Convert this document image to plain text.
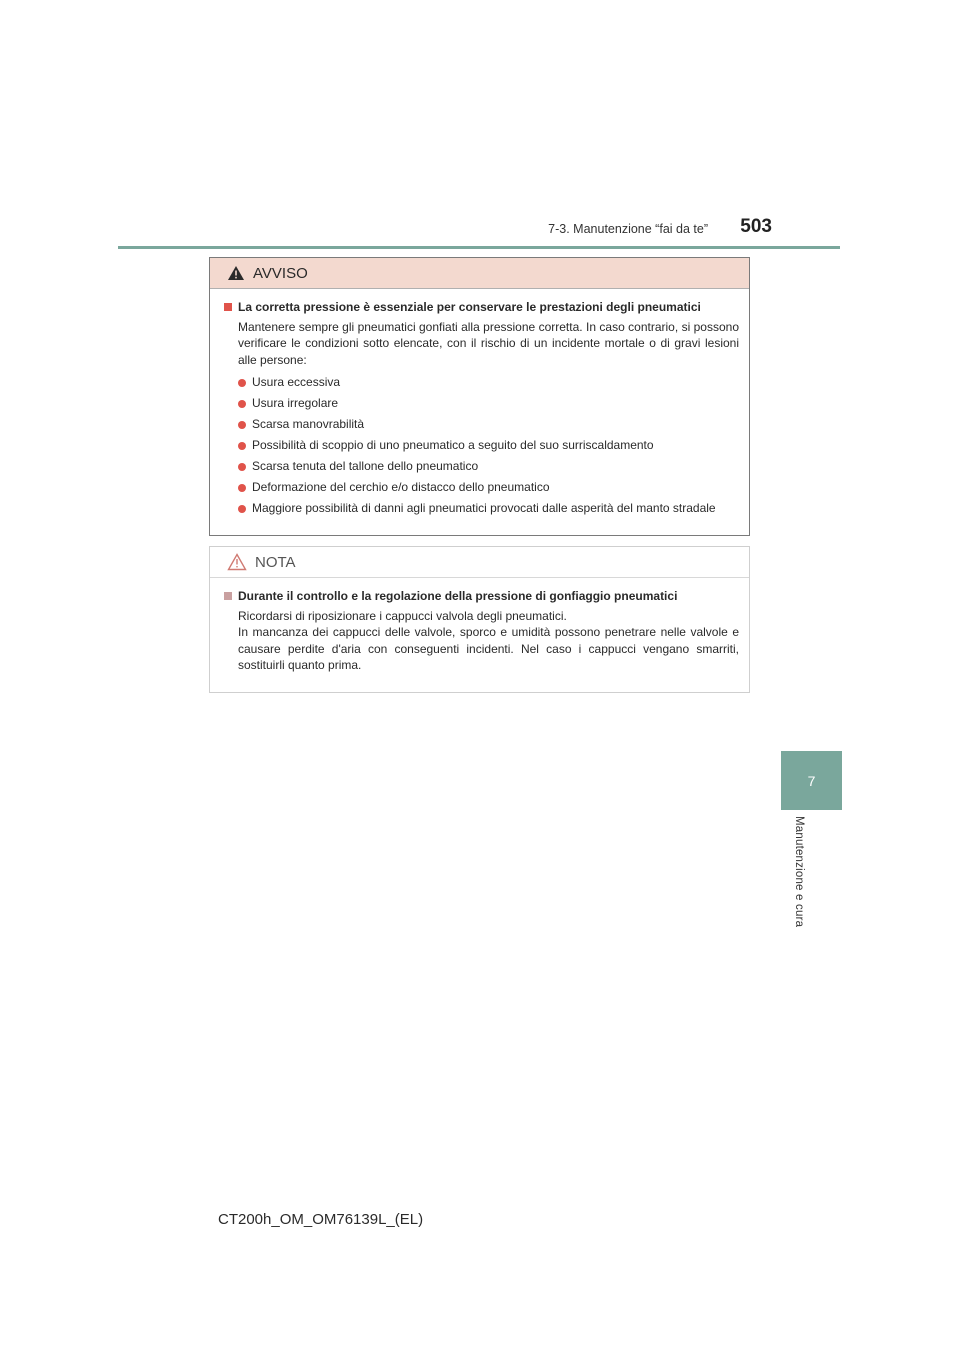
7-3. Manutenzione “fai da te” 503
7
Manutenzione e cura
AVVISO
La corretta pressione è essenziale per conservare le prestazioni degli pneumatici
Mantenere sempre gli pneumatici gonfiati alla pressione corretta. In caso contrario, si possono verificare le condizioni sotto elencate, con il rischio di un incidente mortale o di gravi lesioni alle persone:
Usura eccessiva
Usura irregolare
Scarsa manovrabilità
Possibilità di scoppio di uno pneumatico a seguito del suo surriscaldamento
Scarsa tenuta del tallone dello pneumatico
Deformazione del cerchio e/o distacco dello pneumatico
Maggiore possibilità di danni agli pneumatici provocati dalle asperità del manto stradale
NOTA
Durante il controllo e la regolazione della pressione di gonfiaggio pneumatici
Ricordarsi di riposizionare i cappucci valvola degli pneumatici.
In mancanza dei cappucci delle valvole, sporco e umidità possono penetrare nelle valvole e causare perdite d'aria con conseguenti incidenti. Nel caso i cappucci vengano smarriti, sostituirli quanto prima.
CT200h_OM_OM76139L_(EL)
